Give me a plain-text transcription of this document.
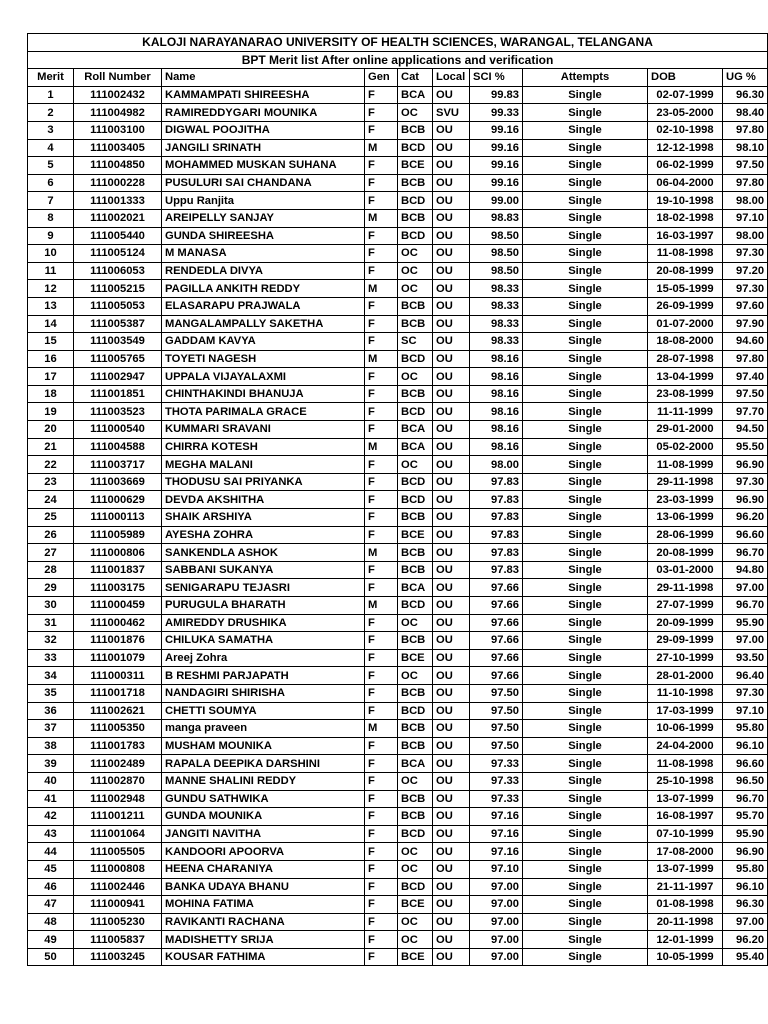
KALOJI NARAYANARAO UNIVERSITY OF HEALTH SCIENCES, WARANGAL, TELANGANA									
BPT Merit list After online applications and verification									
Merit	Roll Number	Name	Gen	Cat	Local	SCI %	Attempts	DOB	UG %
1	111002432	KAMMAMPATI SHIREESHA	F	BCA	OU	99.83	Single	02-07-1999	96.30
2	111004982	RAMIREDDYGARI MOUNIKA	F	OC	SVU	99.33	Single	23-05-2000	98.40
3	111003100	DIGWAL POOJITHA	F	BCB	OU	99.16	Single	02-10-1998	97.80
4	111003405	JANGILI SRINATH	M	BCD	OU	99.16	Single	12-12-1998	98.10
5	111004850	MOHAMMED MUSKAN SUHANA	F	BCE	OU	99.16	Single	06-02-1999	97.50
6	111000228	PUSULURI SAI CHANDANA	F	BCB	OU	99.16	Single	06-04-2000	97.80
7	111001333	Uppu Ranjita	F	BCD	OU	99.00	Single	19-10-1998	98.00
8	111002021	AREIPELLY SANJAY	M	BCB	OU	98.83	Single	18-02-1998	97.10
9	111005440	GUNDA SHIREESHA	F	BCD	OU	98.50	Single	16-03-1997	98.00
10	111005124	M MANASA	F	OC	OU	98.50	Single	11-08-1998	97.30
11	111006053	RENDEDLA DIVYA	F	OC	OU	98.50	Single	20-08-1999	97.20
12	111005215	PAGILLA ANKITH REDDY	M	OC	OU	98.33	Single	15-05-1999	97.30
13	111005053	ELASARAPU PRAJWALA	F	BCB	OU	98.33	Single	26-09-1999	97.60
14	111005387	MANGALAMPALLY SAKETHA	F	BCB	OU	98.33	Single	01-07-2000	97.90
15	111003549	GADDAM KAVYA	F	SC	OU	98.33	Single	18-08-2000	94.60
16	111005765	TOYETI NAGESH	M	BCD	OU	98.16	Single	28-07-1998	97.80
17	111002947	UPPALA VIJAYALAXMI	F	OC	OU	98.16	Single	13-04-1999	97.40
18	111001851	CHINTHAKINDI BHANUJA	F	BCB	OU	98.16	Single	23-08-1999	97.50
19	111003523	THOTA PARIMALA GRACE	F	BCD	OU	98.16	Single	11-11-1999	97.70
20	111000540	KUMMARI SRAVANI	F	BCA	OU	98.16	Single	29-01-2000	94.50
21	111004588	CHIRRA KOTESH	M	BCA	OU	98.16	Single	05-02-2000	95.50
22	111003717	MEGHA MALANI	F	OC	OU	98.00	Single	11-08-1999	96.90
23	111003669	THODUSU SAI PRIYANKA	F	BCD	OU	97.83	Single	29-11-1998	97.30
24	111000629	DEVDA AKSHITHA	F	BCD	OU	97.83	Single	23-03-1999	96.90
25	111000113	SHAIK ARSHIYA	F	BCB	OU	97.83	Single	13-06-1999	96.20
26	111005989	AYESHA ZOHRA	F	BCE	OU	97.83	Single	28-06-1999	96.60
27	111000806	SANKENDLA ASHOK	M	BCB	OU	97.83	Single	20-08-1999	96.70
28	111001837	SABBANI SUKANYA	F	BCB	OU	97.83	Single	03-01-2000	94.80
29	111003175	SENIGARAPU TEJASRI	F	BCA	OU	97.66	Single	29-11-1998	97.00
30	111000459	PURUGULA BHARATH	M	BCD	OU	97.66	Single	27-07-1999	96.70
31	111000462	AMIREDDY DRUSHIKA	F	OC	OU	97.66	Single	20-09-1999	95.90
32	111001876	CHILUKA SAMATHA	F	BCB	OU	97.66	Single	29-09-1999	97.00
33	111001079	Areej Zohra	F	BCE	OU	97.66	Single	27-10-1999	93.50
34	111000311	B RESHMI PARJAPATH	F	OC	OU	97.66	Single	28-01-2000	96.40
35	111001718	NANDAGIRI SHIRISHA	F	BCB	OU	97.50	Single	11-10-1998	97.30
36	111002621	CHETTI SOUMYA	F	BCD	OU	97.50	Single	17-03-1999	97.10
37	111005350	manga praveen	M	BCB	OU	97.50	Single	10-06-1999	95.80
38	111001783	MUSHAM MOUNIKA	F	BCB	OU	97.50	Single	24-04-2000	96.10
39	111002489	RAPALA DEEPIKA DARSHINI	F	BCA	OU	97.33	Single	11-08-1998	96.60
40	111002870	MANNE SHALINI REDDY	F	OC	OU	97.33	Single	25-10-1998	96.50
41	111002948	GUNDU SATHWIKA	F	BCB	OU	97.33	Single	13-07-1999	96.70
42	111001211	GUNDA MOUNIKA	F	BCB	OU	97.16	Single	16-08-1997	95.70
43	111001064	JANGITI NAVITHA	F	BCD	OU	97.16	Single	07-10-1999	95.90
44	111005505	KANDOORI APOORVA	F	OC	OU	97.16	Single	17-08-2000	96.90
45	111000808	HEENA CHARANIYA	F	OC	OU	97.10	Single	13-07-1999	95.80
46	111002446	BANKA UDAYA BHANU	F	BCD	OU	97.00	Single	21-11-1997	96.10
47	111000941	MOHINA FATIMA	F	BCE	OU	97.00	Single	01-08-1998	96.30
48	111005230	RAVIKANTI RACHANA	F	OC	OU	97.00	Single	20-11-1998	97.00
49	111005837	MADISHETTY SRIJA	F	OC	OU	97.00	Single	12-01-1999	96.20
50	111003245	KOUSAR FATHIMA	F	BCE	OU	97.00	Single	10-05-1999	95.40
